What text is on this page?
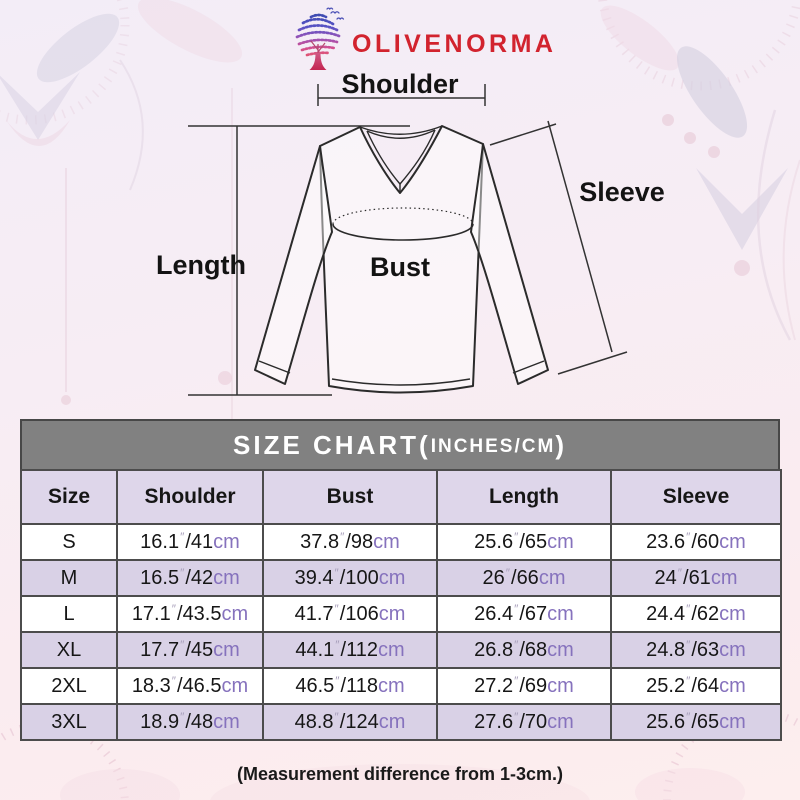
OLIVENORMA
Shoulder
Length	Bust
Sleeve
SIZE CHART( INCHES/CM )
Size	Shoulder	Bust	Length	Sleeve
S	16.1″/41cm	37.8″/98cm	25.6″/65cm	23.6″/60cm
M	16.5″/42cm	39.4″/100cm	26″/66cm	24″/61cm
L	17.1″/43.5cm	41.7″/106cm	26.4″/67cm	24.4″/62cm
XL	17.7″/45cm	44.1″/112cm	26.8″/68cm	24.8″/63cm
2XL	18.3″/46.5cm	46.5″/118cm	27.2″/69cm	25.2″/64cm
3XL	18.9″/48cm	48.8″/124cm	27.6″/70cm	25.6″/65cm
(Measurement difference from 1-3cm.)
